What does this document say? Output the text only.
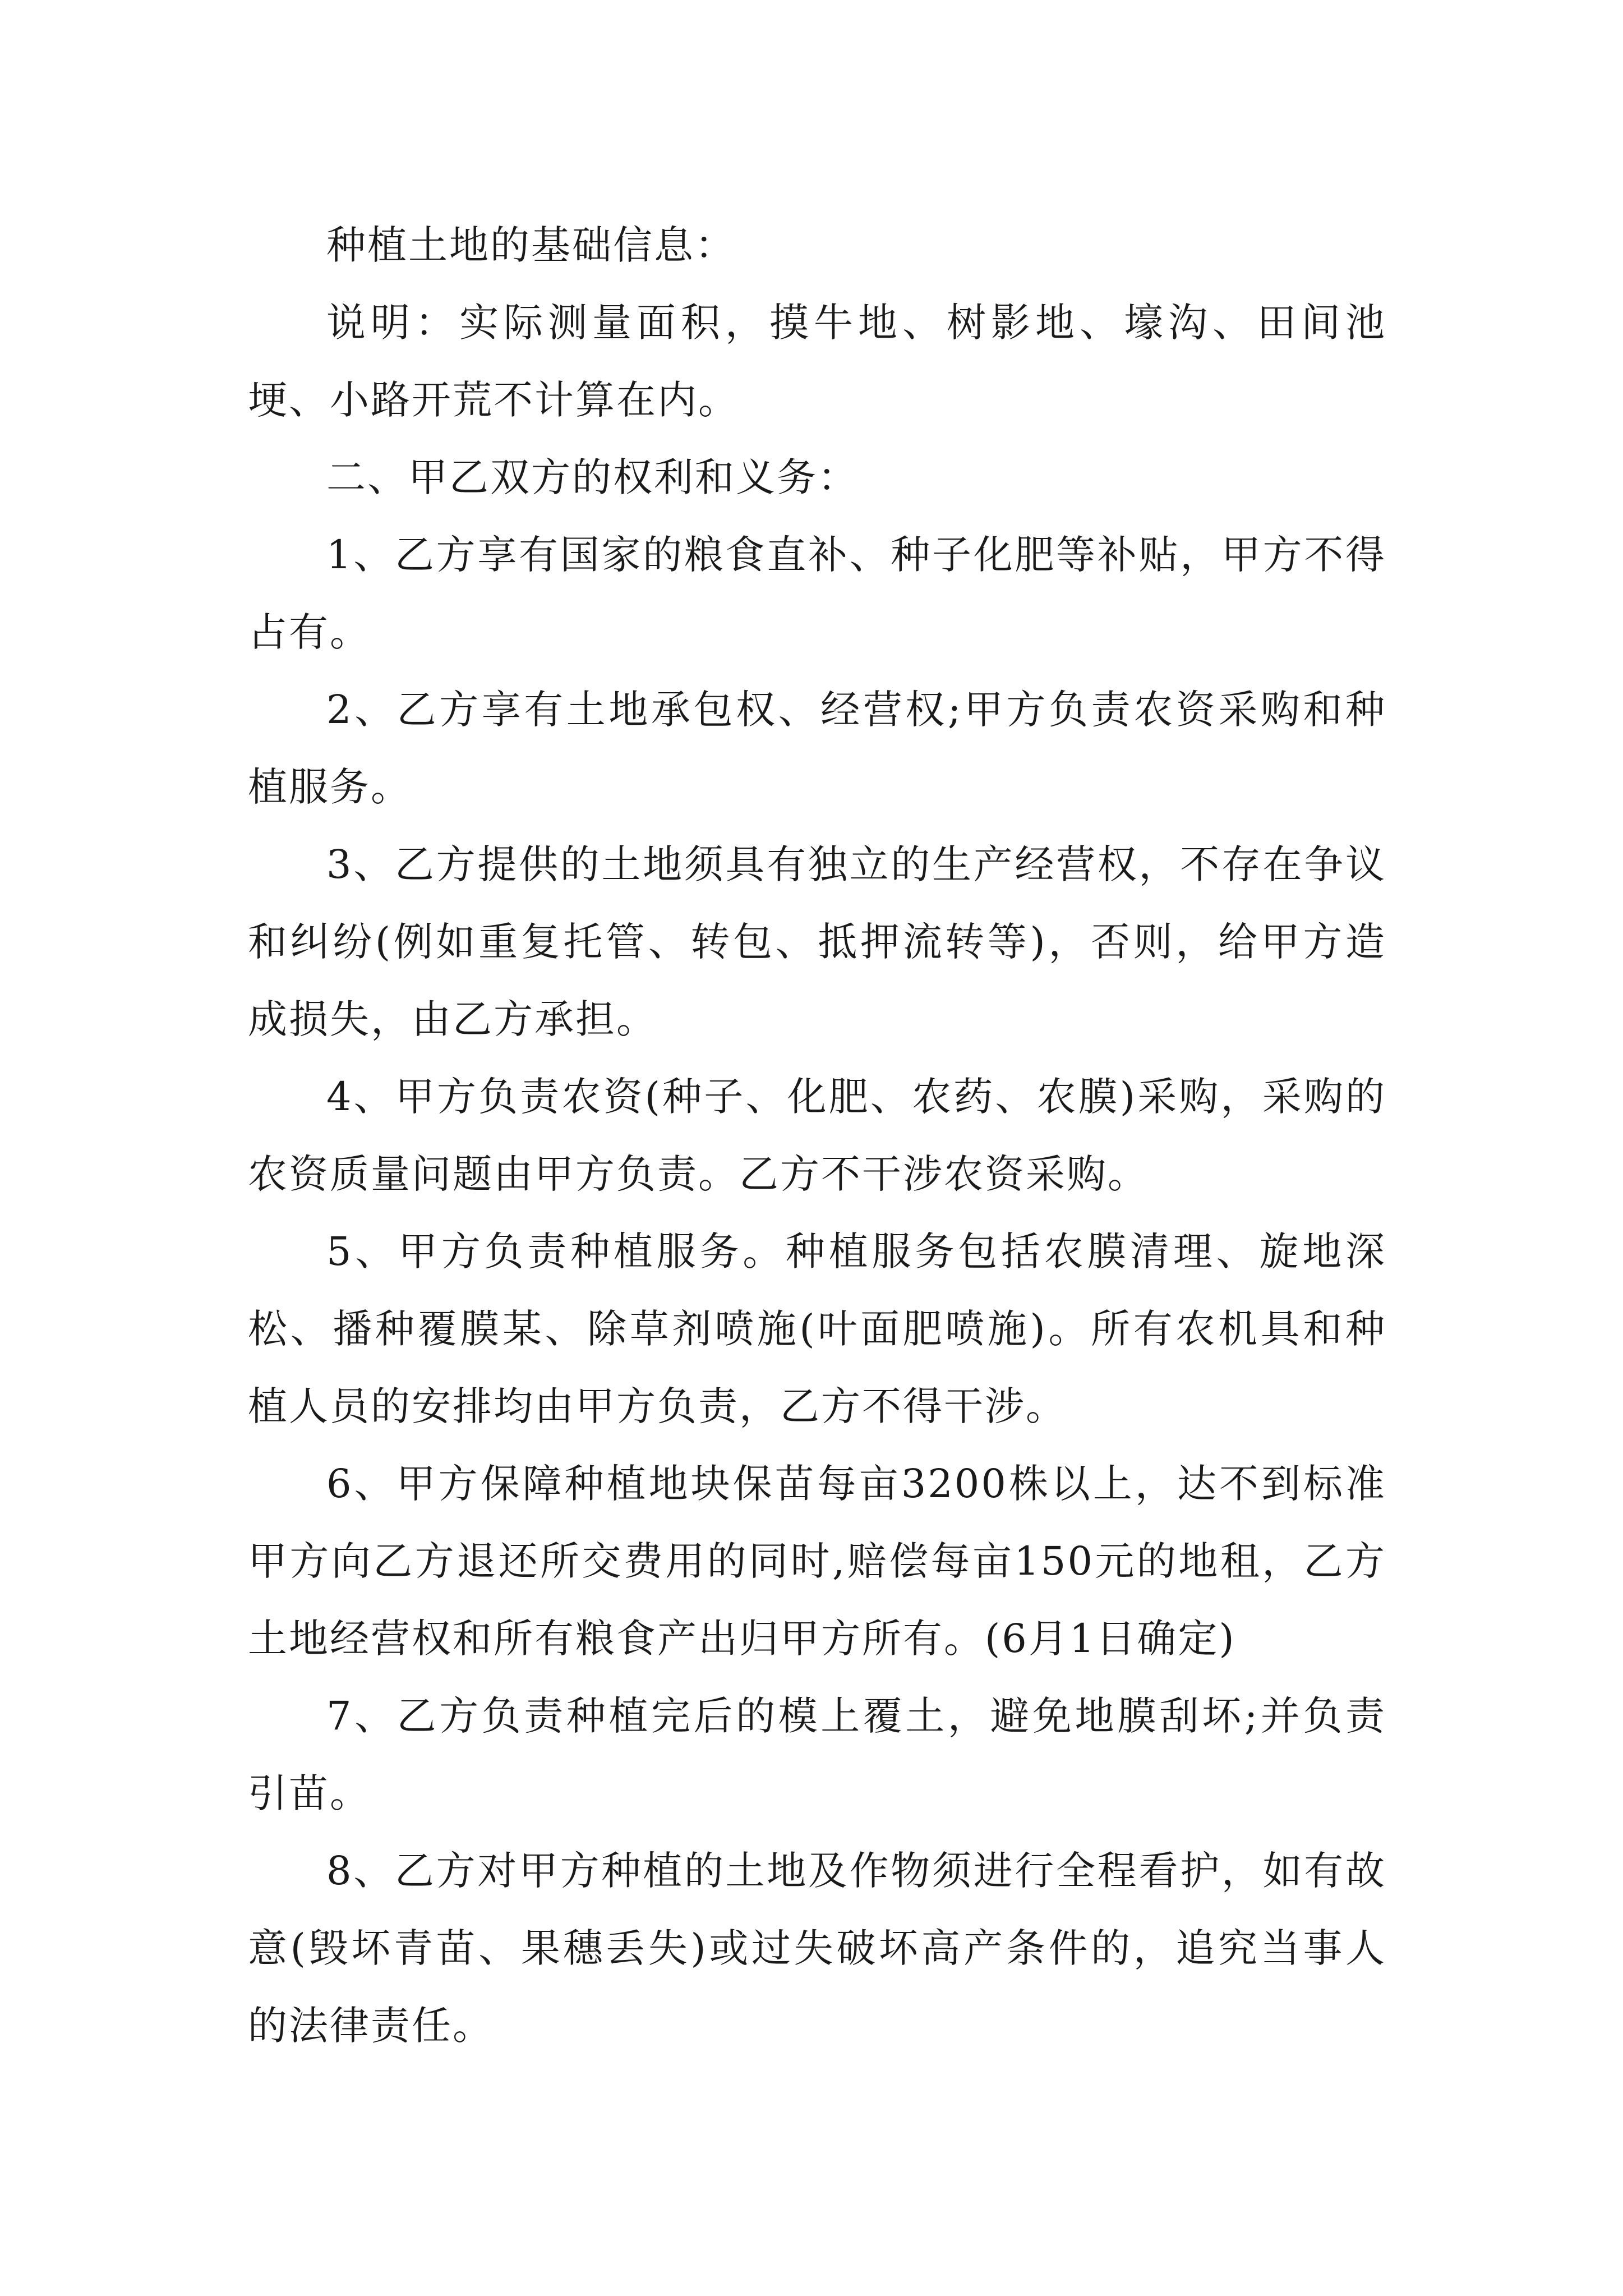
种植土地的基础信息：

说明：实际测量面积，摸牛地、树影地、壕沟、田间池埂、小路开荒不计算在内。

二、甲乙双方的权利和义务：

1、乙方享有国家的粮食直补、种子化肥等补贴，甲方不得占有。

2、乙方享有土地承包权、经营权;甲方负责农资采购和种植服务。

3、乙方提供的土地须具有独立的生产经营权，不存在争议和纠纷(例如重复托管、转包、抵押流转等)，否则，给甲方造成损失，由乙方承担。

4、甲方负责农资(种子、化肥、农药、农膜)采购，采购的农资质量问题由甲方负责。乙方不干涉农资采购。

5、甲方负责种植服务。种植服务包括农膜清理、旋地深松、播种覆膜某、除草剂喷施(叶面肥喷施)。所有农机具和种植人员的安排均由甲方负责，乙方不得干涉。

6、甲方保障种植地块保苗每亩3200株以上，达不到标准甲方向乙方退还所交费用的同时,赔偿每亩150元的地租，乙方土地经营权和所有粮食产出归甲方所有。(6月1日确定)

7、乙方负责种植完后的模上覆土，避免地膜刮坏;并负责引苗。

8、乙方对甲方种植的土地及作物须进行全程看护，如有故意(毁坏青苗、果穗丢失)或过失破坏高产条件的，追究当事人的法律责任。
